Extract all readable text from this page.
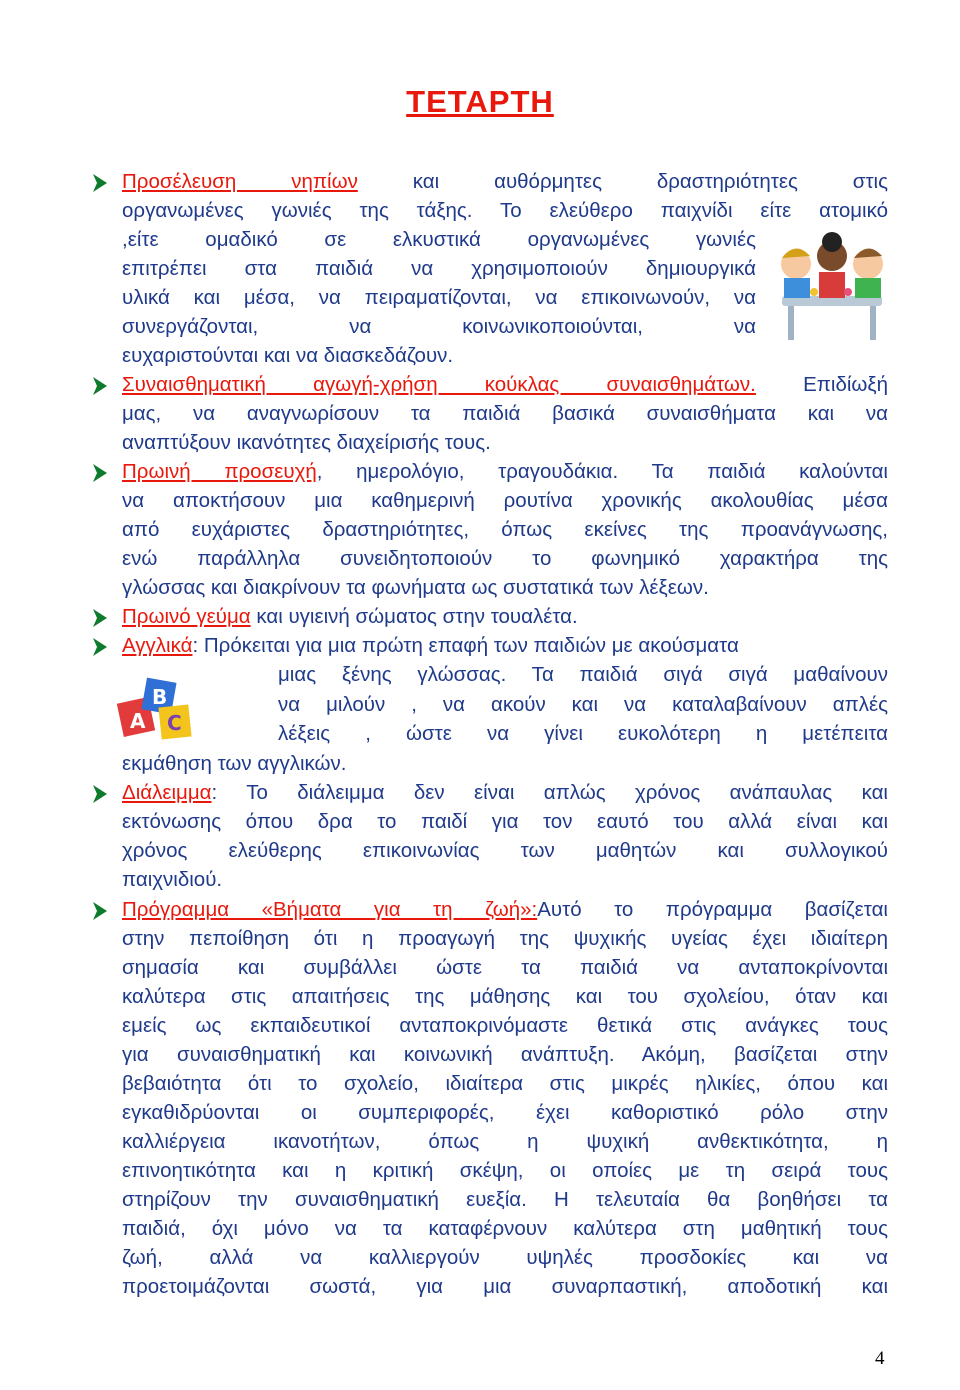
ΤΕΤΑΡΤΗ
Προσέλευση νηπίων	και αυθόρμητες δραστηριότητες στις
οργανωμένες γωνιές της τάξης. Το ελεύθερο παιχνίδι είτε ατομικό
,είτε ομαδικό σε ελκυστικά οργανωμένες γωνιές
επιτρέπει στα παιδιά να χρησιμοποιούν δημιουργικά
υλικά και μέσα, να πειραματίζονται, να επικοινωνούν, να
συνεργάζονται, να κοινωνικοποιούνται, να
ευχαριστούνται και να διασκεδάζουν.
Συναισθηματική αγωγή-χρήση κούκλας συναισθημάτων. Επιδίωξή
μας, να αναγνωρίσουν τα παιδιά βασικά συναισθήματα και να
αναπτύξουν ικανότητες διαχείρισής τους.
Πρωινή προσευχή, ημερολόγιο, τραγουδάκια. Τα παιδιά καλούνται
να αποκτήσουν μια καθημερινή ρουτίνα χρονικής ακολουθίας μέσα
από ευχάριστες δραστηριότητες, όπως εκείνες της προανάγνωσης,
ενώ παράλληλα συνειδητοποιούν το φωνημικό χαρακτήρα της
γλώσσας και διακρίνουν τα φωνήματα ως συστατικά των λέξεων.
Πρωινό γεύμα και υγιεινή σώματος στην τουαλέτα.
Αγγλικά: Πρόκειται για μια πρώτη επαφή των παιδιών με ακούσματα
A
B
C
μιας ξένης γλώσσας. Τα παιδιά σιγά σιγά μαθαίνουν
να μιλούν , να ακούν και να καταλαβαίνουν απλές
λέξεις , ώστε να γίνει ευκολότερη η μετέπειτα
εκμάθηση των αγγλικών.
Διάλειμμα: Το διάλειμμα δεν είναι απλώς χρόνος ανάπαυλας και
εκτόνωσης όπου δρα το παιδί για τον εαυτό του αλλά είναι και
χρόνος ελεύθερης επικοινωνίας των μαθητών και συλλογικού
παιχνιδιού.
Πρόγραμμα «Βήματα για τη ζωή»:Αυτό το πρόγραμμα βασίζεται
στην πεποίθηση ότι η προαγωγή της ψυχικής υγείας έχει ιδιαίτερη
σημασία και συμβάλλει ώστε τα παιδιά να ανταποκρίνονται
καλύτερα στις απαιτήσεις της μάθησης και του σχολείου, όταν και
εμείς ως εκπαιδευτικοί ανταποκρινόμαστε θετικά στις ανάγκες τους
για συναισθηματική και κοινωνική ανάπτυξη. Ακόμη, βασίζεται στην
βεβαιότητα ότι το σχολείο, ιδιαίτερα στις μικρές ηλικίες, όπου και
εγκαθιδρύονται οι συμπεριφορές, έχει καθοριστικό ρόλο στην
καλλιέργεια ικανοτήτων, όπως η ψυχική ανθεκτικότητα, η
επινοητικότητα και η κριτική σκέψη, οι οποίες με τη σειρά τους
στηρίζουν την συναισθηματική ευεξία. Η τελευταία θα βοηθήσει τα
παιδιά, όχι μόνο να τα καταφέρνουν καλύτερα στη μαθητική τους
ζωή, αλλά να καλλιεργούν υψηλές προσδοκίες και να
προετοιμάζονται σωστά, για μια συναρπαστική, αποδοτική και
4
